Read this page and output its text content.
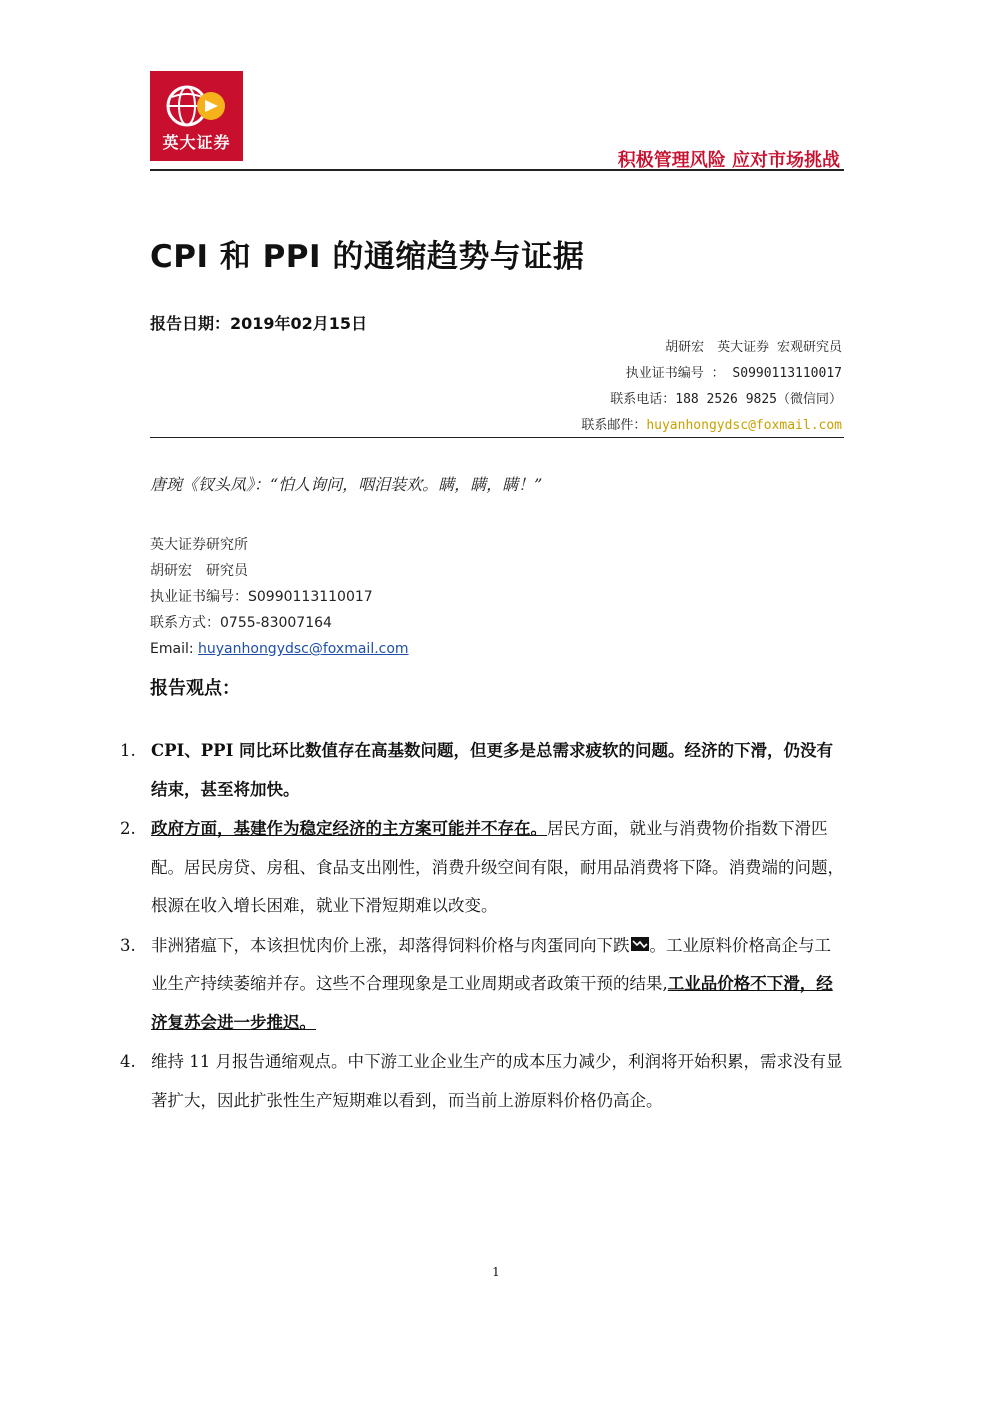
英大证券
积极管理风险 应对市场挑战
CPI 和 PPI 的通缩趋势与证据
报告日期：2019年02月15日
胡研宏　英大证券 宏观研究员
执业证书编号 ： S0990113110017
联系电话：188 2526 9825（微信同）
联系邮件：huyanhongydsc@foxmail.com
唐琬《钗头凤》：“怕人询问，咽泪装欢。瞒，瞒，瞒！”
英大证券研究所
胡研宏　研究员
执业证书编号：S0990113110017
联系方式：0755-83007164
Email: huyanhongydsc@foxmail.com
报告观点：
1. CPI、PPI 同比环比数值存在高基数问题，但更多是总需求疲软的问题。经济的下滑，仍没有结束，甚至将加快。
2. 政府方面，基建作为稳定经济的主方案可能并不存在。居民方面，就业与消费物价指数下滑匹配。居民房贷、房租、食品支出刚性，消费升级空间有限，耐用品消费将下降。消费端的问题，根源在收入增长困难，就业下滑短期难以改变。
3. 非洲猪瘟下，本该担忧肉价上涨，却落得饲料价格与肉蛋同向下跌 。工业原料价格高企与工业生产持续萎缩并存。这些不合理现象是工业周期或者政策干预的结果,工业品价格不下滑，经济复苏会进一步推迟。
4. 维持 11 月报告通缩观点。中下游工业企业生产的成本压力减少，利润将开始积累，需求没有显著扩大，因此扩张性生产短期难以看到，而当前上游原料价格仍高企。
1
